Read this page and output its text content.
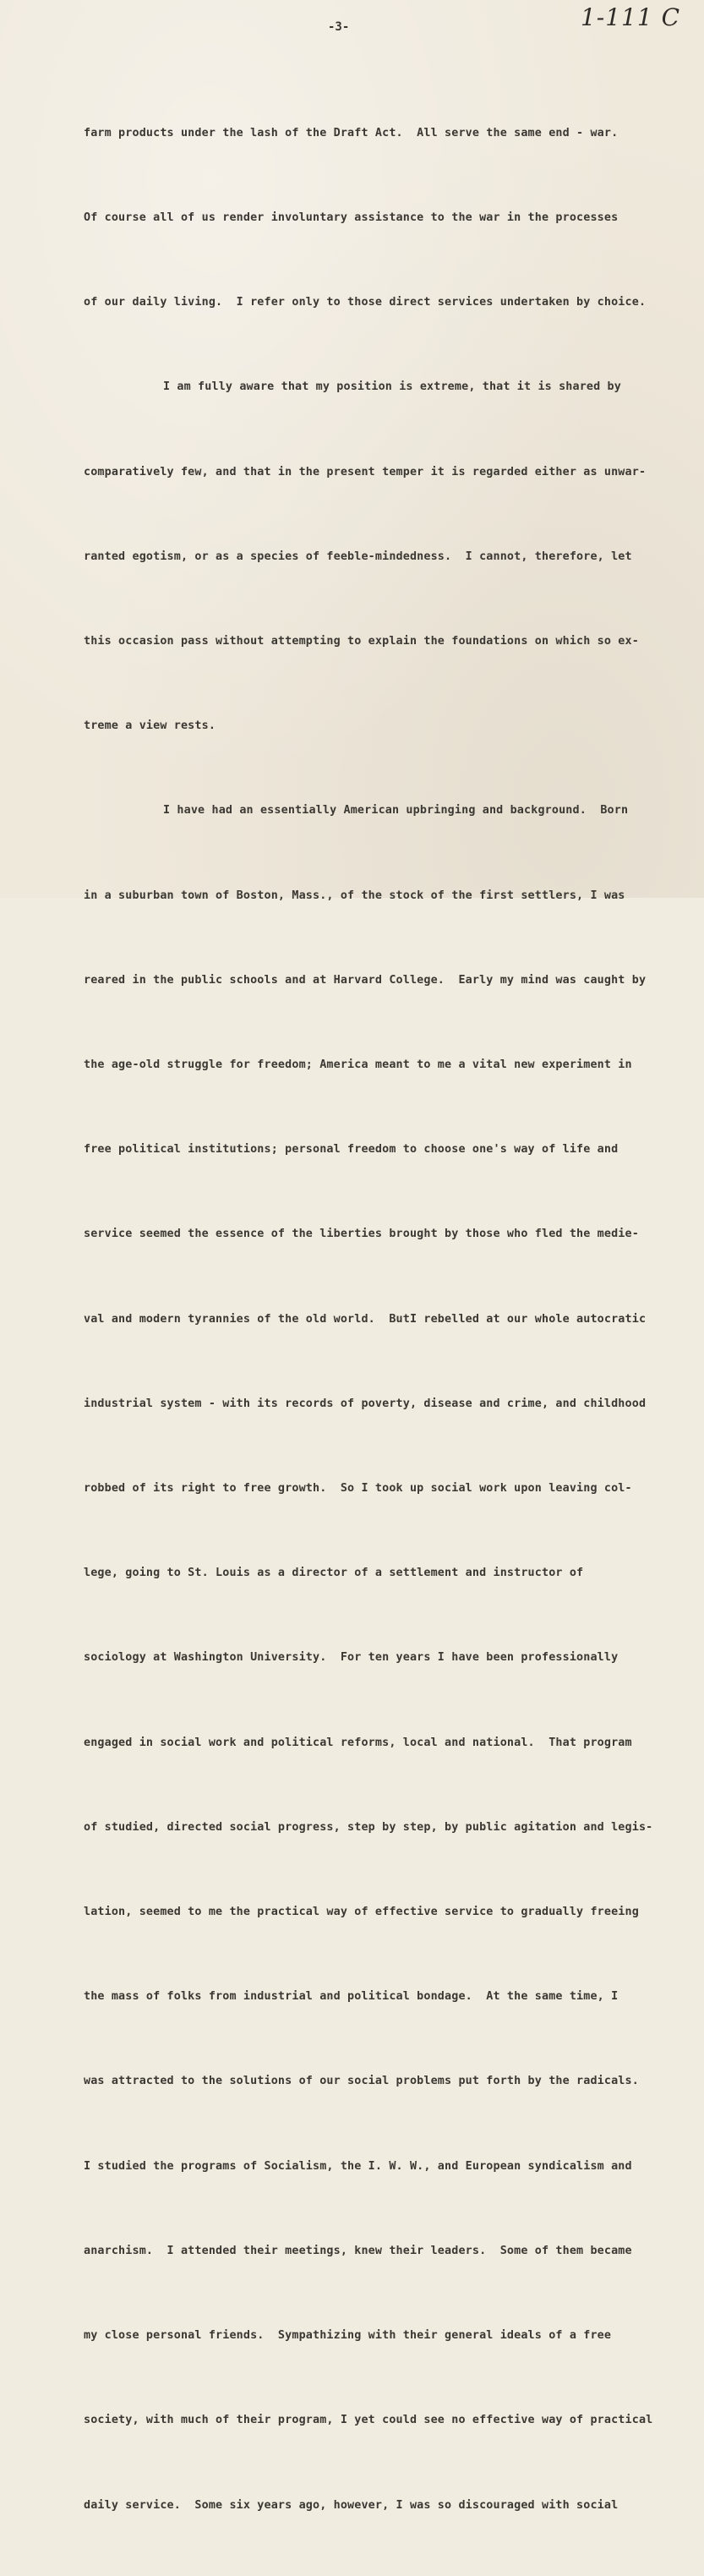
1-111 C
-3-

farm products under the lash of the Draft Act.  All serve the same end - war.

Of course all of us render involuntary assistance to the war in the processes

of our daily living.  I refer only to those direct services undertaken by choice.

I am fully aware that my position is extreme, that it is shared by

comparatively few, and that in the present temper it is regarded either as unwar-

ranted egotism, or as a species of feeble-mindedness.  I cannot, therefore, let

this occasion pass without attempting to explain the foundations on which so ex-

treme a view rests.

I have had an essentially American upbringing and background.  Born

in a suburban town of Boston, Mass., of the stock of the first settlers, I was

reared in the public schools and at Harvard College.  Early my mind was caught by

the age-old struggle for freedom; America meant to me a vital new experiment in

free political institutions; personal freedom to choose one's way of life and

service seemed the essence of the liberties brought by those who fled the medie-

val and modern tyrannies of the old world.  ButI rebelled at our whole autocratic

industrial system - with its records of poverty, disease and crime, and childhood

robbed of its right to free growth.  So I took up social work upon leaving col-

lege, going to St. Louis as a director of a settlement and instructor of

sociology at Washington University.  For ten years I have been professionally

engaged in social work and political reforms, local and national.  That program

of studied, directed social progress, step by step, by public agitation and legis-

lation, seemed to me the practical way of effective service to gradually freeing

the mass of folks from industrial and political bondage.  At the same time, I

was attracted to the solutions of our social problems put forth by the radicals.

I studied the programs of Socialism, the I. W. W., and European syndicalism and

anarchism.  I attended their meetings, knew their leaders.  Some of them became

my close personal friends.  Sympathizing with their general ideals of a free

society, with much of their program, I yet could see no effective way of practical

daily service.  Some six years ago, however, I was so discouraged with social
